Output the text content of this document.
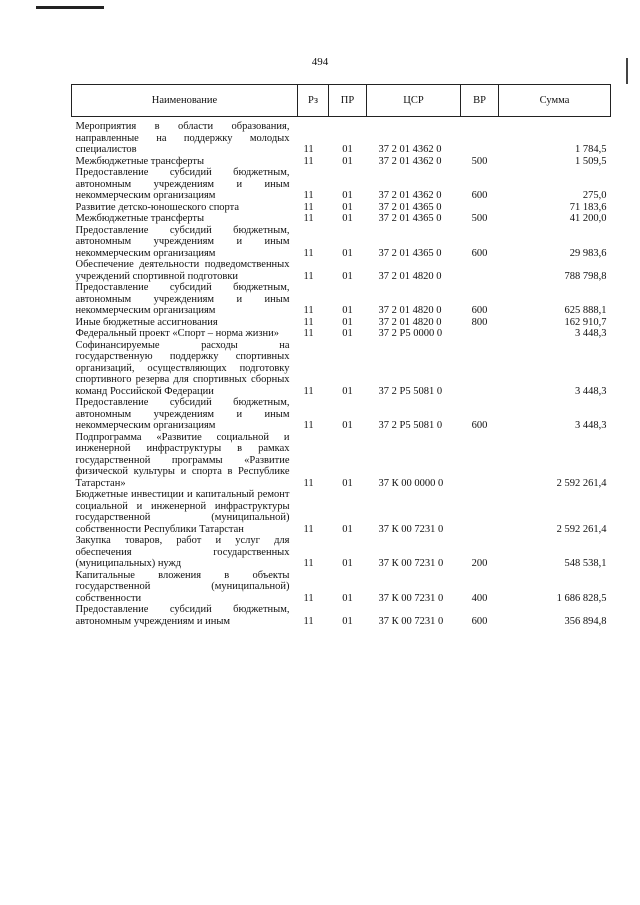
494
Наименование	Рз	ПР	ЦСР	ВР	Сумма
Мероприятия в области образования, направленные на поддержку молодых специалистов	11	01	37 2 01 4362 0		1 784,5
Межбюджетные трансферты	11	01	37 2 01 4362 0	500	1 509,5
Предоставление субсидий бюджетным, автономным учреждениям и иным некоммерческим организациям	11	01	37 2 01 4362 0	600	275,0
Развитие детско-юношеского спорта	11	01	37 2 01 4365 0		71 183,6
Межбюджетные трансферты	11	01	37 2 01 4365 0	500	41 200,0
Предоставление субсидий бюджетным, автономным учреждениям и иным некоммерческим организациям	11	01	37 2 01 4365 0	600	29 983,6
Обеспечение деятельности подведомственных учреждений спортивной подготовки	11	01	37 2 01 4820 0		788 798,8
Предоставление субсидий бюджетным, автономным учреждениям и иным некоммерческим организациям	11	01	37 2 01 4820 0	600	625 888,1
Иные бюджетные ассигнования	11	01	37 2 01 4820 0	800	162 910,7
Федеральный проект «Спорт – норма жизни»	11	01	37 2 P5 0000 0		3 448,3
Софинансируемые расходы на государственную поддержку спортивных организаций, осуществляющих подготовку спортивного резерва для спортивных сборных команд Российской Федерации	11	01	37 2 P5 5081 0		3 448,3
Предоставление субсидий бюджетным, автономным учреждениям и иным некоммерческим организациям	11	01	37 2 P5 5081 0	600	3 448,3
Подпрограмма «Развитие социальной и инженерной инфраструктуры в рамках государственной программы «Развитие физической культуры и спорта в Республике Татарстан»	11	01	37 К 00 0000 0		2 592 261,4
Бюджетные инвестиции и капитальный ремонт социальной и инженерной инфраструктуры государственной (муниципальной) собственности Республики Татарстан	11	01	37 К 00 7231 0		2 592 261,4
Закупка товаров, работ и услуг для обеспечения государственных (муниципальных) нужд	11	01	37 К 00 7231 0	200	548 538,1
Капитальные вложения в объекты государственной (муниципальной) собственности	11	01	37 К 00 7231 0	400	1 686 828,5
Предоставление субсидий бюджетным, автономным учреждениям и иным	11	01	37 К 00 7231 0	600	356 894,8
